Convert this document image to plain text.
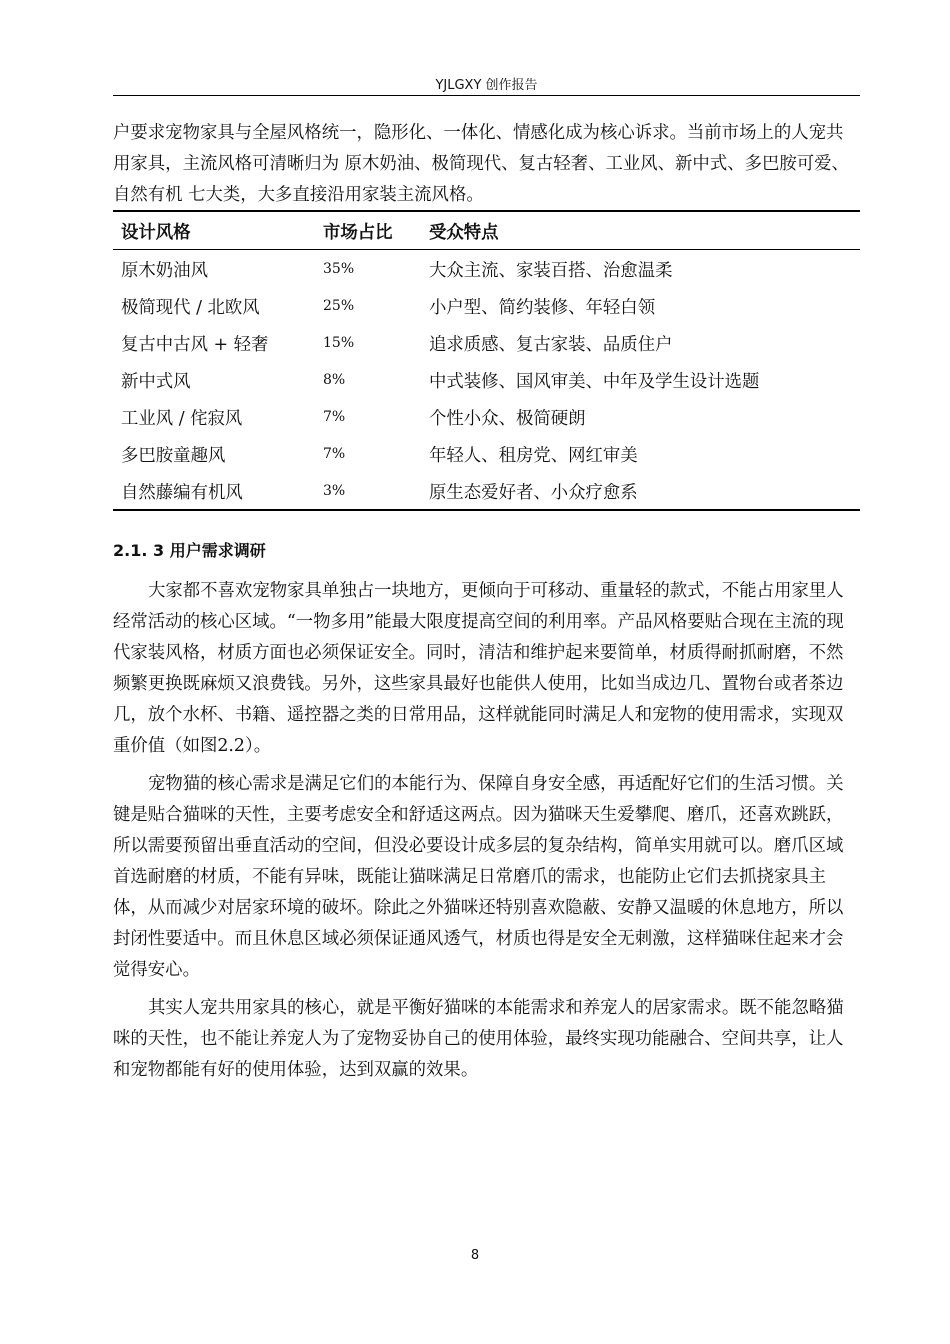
YJLGXY 创作报告

户要求宠物家具与全屋风格统一，隐形化、一体化、情感化成为核心诉求。当前市场上的人宠共用家具，主流风格可清晰归为 原木奶油、极简现代、复古轻奢、工业风、新中式、多巴胺可爱、自然有机 七大类，大多直接沿用家装主流风格。

设计风格	市场占比	受众特点
原木奶油风	35%	大众主流、家装百搭、治愈温柔
极简现代 / 北欧风	25%	小户型、简约装修、年轻白领
复古中古风 + 轻奢	15%	追求质感、复古家装、品质住户
新中式风	8%	中式装修、国风审美、中年及学生设计选题
工业风 / 侘寂风	7%	个性小众、极简硬朗
多巴胺童趣风	7%	年轻人、租房党、网红审美
自然藤编有机风	3%	原生态爱好者、小众疗愈系
2.1. 3 用户需求调研

大家都不喜欢宠物家具单独占一块地方，更倾向于可移动、重量轻的款式，不能占用家里人经常活动的核心区域。“一物多用”能最大限度提高空间的利用率。产品风格要贴合现在主流的现代家装风格，材质方面也必须保证安全。同时，清洁和维护起来要简单，材质得耐抓耐磨，不然频繁更换既麻烦又浪费钱。另外，这些家具最好也能供人使用，比如当成边几、置物台或者茶边几，放个水杯、书籍、遥控器之类的日常用品，这样就能同时满足人和宠物的使用需求，实现双重价值（如图2.2）。

宠物猫的核心需求是满足它们的本能行为、保障自身安全感，再适配好它们的生活习惯。关键是贴合猫咪的天性，主要考虑安全和舒适这两点。因为猫咪天生爱攀爬、磨爪，还喜欢跳跃，所以需要预留出垂直活动的空间，但没必要设计成多层的复杂结构，简单实用就可以。磨爪区域首选耐磨的材质，不能有异味，既能让猫咪满足日常磨爪的需求，也能防止它们去抓挠家具主体，从而减少对居家环境的破坏。除此之外猫咪还特别喜欢隐蔽、安静又温暖的休息地方，所以封闭性要适中。而且休息区域必须保证通风透气，材质也得是安全无刺激，这样猫咪住起来才会觉得安心。

其实人宠共用家具的核心，就是平衡好猫咪的本能需求和养宠人的居家需求。既不能忽略猫咪的天性，也不能让养宠人为了宠物妥协自己的使用体验，最终实现功能融合、空间共享，让人和宠物都能有好的使用体验，达到双赢的效果。

8
